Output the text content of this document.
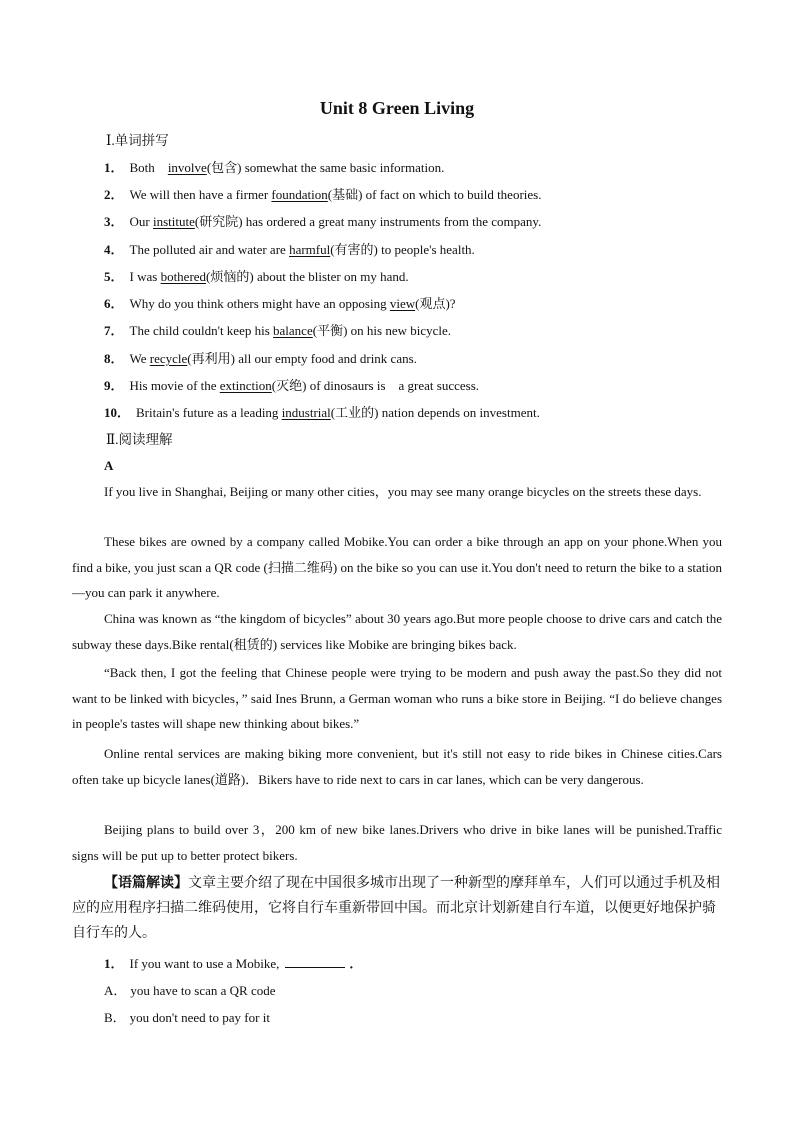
Unit 8 Green Living
Ⅰ.单词拼写
1． Both    involve(包含) somewhat the same basic information.
2． We will then have a firmer foundation(基础) of fact on which to build theories.
3． Our institute(研究院) has ordered a great many instruments from the company.
4． The polluted air and water are harmful(有害的) to people's health.
5． I was bothered(烦恼的) about the blister on my hand.
6． Why do you think others might have an opposing view(观点)?
7． The child couldn't keep his balance(平衡) on his new bicycle.
8． We recycle(再利用) all our empty food and drink cans.
9． His movie of the extinction(灭绝) of dinosaurs is    a great success.
10． Britain's future as a leading industrial(工业的) nation depends on investment.
Ⅱ.阅读理解
A

If you live in Shanghai, Beijing or many other cities，you may see many orange bicycles on the streets these days.

These bikes are owned by a company called Mobike.You can order a bike through an app on your phone.When you find a bike, you just scan a QR code (扫描二维码) on the bike so you can use it.You don't need to return the bike to a station—you can park it anywhere.

China was known as “the kingdom of bicycles” about 30 years ago.But more people choose to drive cars and catch the subway these days.Bike rental(租赁的) services like Mobike are bringing bikes back.

“Back then, I got the feeling that Chinese people were trying to be modern and push away the past.So they did not want to be linked with bicycles，” said Ines Brunn, a German woman who runs a bike store in Beijing. “I do believe changes in people's tastes will shape new thinking about bikes.”

Online rental services are making biking more convenient, but it's still not easy to ride bikes in Chinese cities.Cars often take up bicycle lanes(道路)．Bikers have to ride next to cars in car lanes, which can be very dangerous.

Beijing plans to build over 3，200 km of new bike lanes.Drivers who drive in bike lanes will be punished.Traffic signs will be put up to better protect bikers.

【语篇解读】文章主要介绍了现在中国很多城市出现了一种新型的摩拜单车，人们可以通过手机及相应的应用程序扫描二维码使用，它将自行车重新带回中国。而北京计划新建自行车道，以便更好地保护骑自行车的人。

1． If you want to use a Mobike,	．
A． you have to scan a QR code
B． you don't need to pay for it
